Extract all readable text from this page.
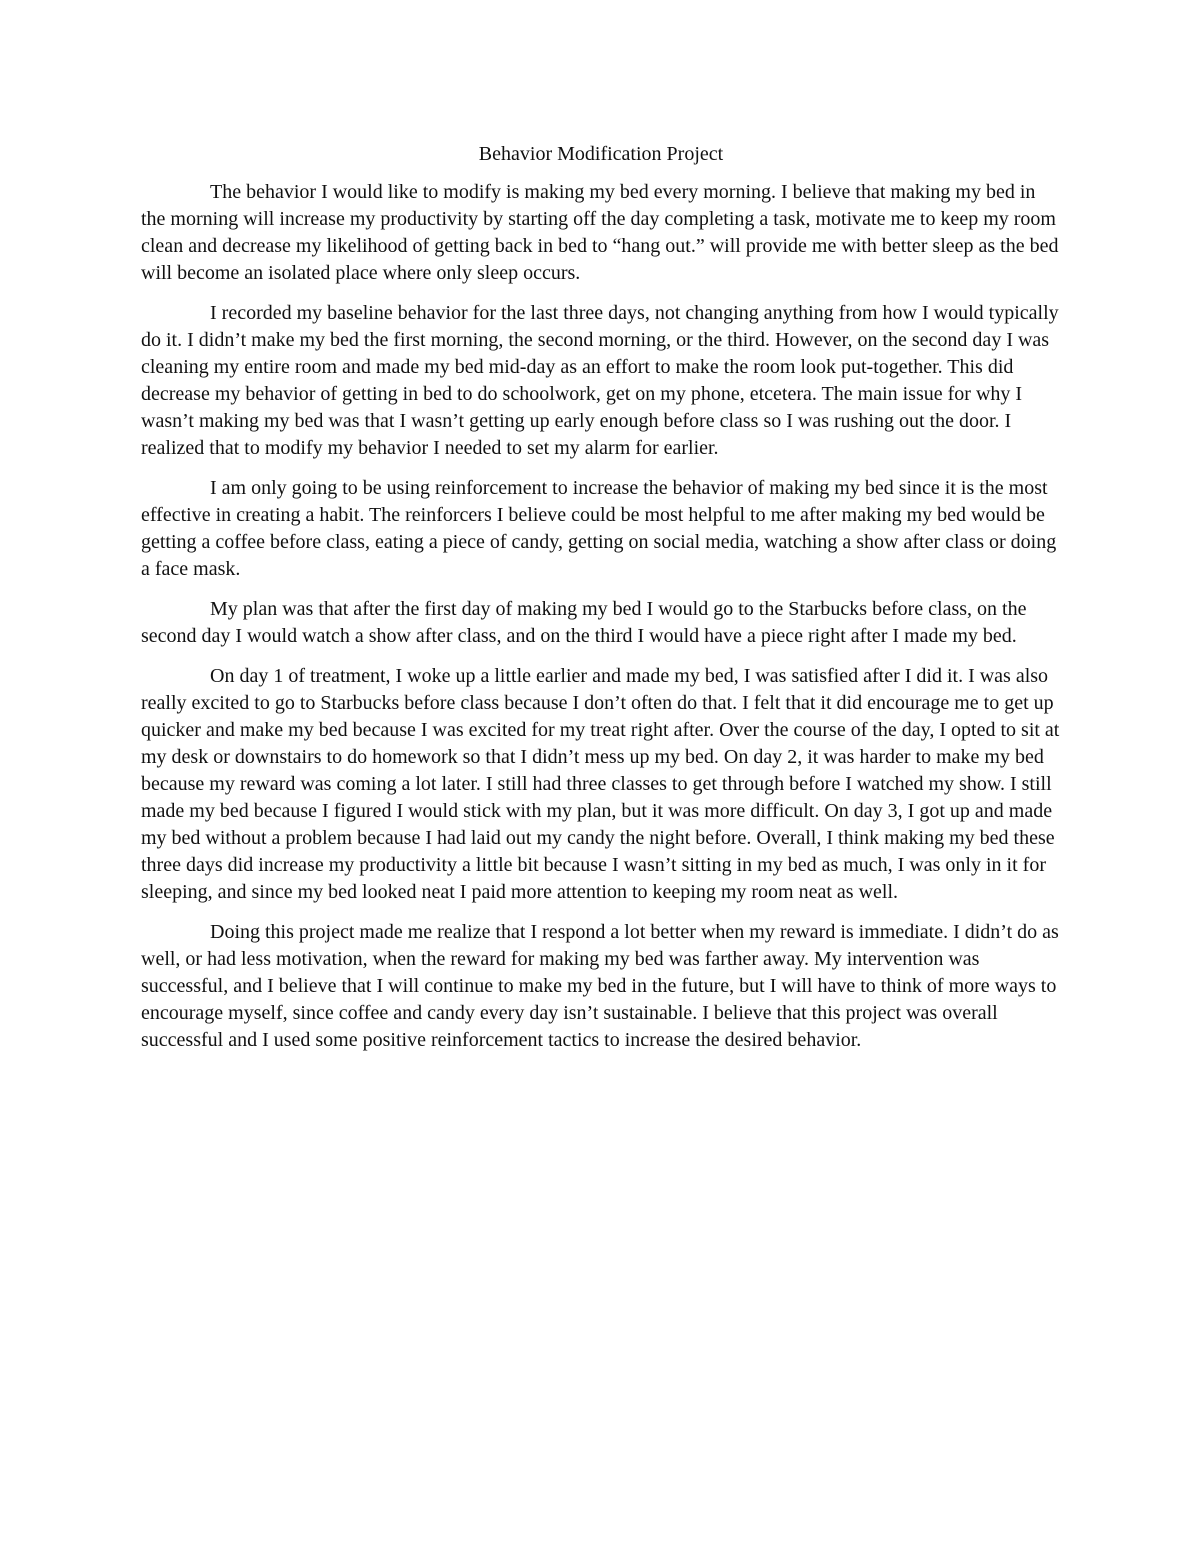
Behavior Modification Project

The behavior I would like to modify is making my bed every morning. I believe that making my bed in the morning will increase my productivity by starting off the day completing a task, motivate me to keep my room clean and decrease my likelihood of getting back in bed to “hang out.” will provide me with better sleep as the bed will become an isolated place where only sleep occurs.

I recorded my baseline behavior for the last three days, not changing anything from how I would typically do it. I didn’t make my bed the first morning, the second morning, or the third. However, on the second day I was cleaning my entire room and made my bed mid-day as an effort to make the room look put-together. This did decrease my behavior of getting in bed to do schoolwork, get on my phone, etcetera. The main issue for why I wasn’t making my bed was that I wasn’t getting up early enough before class so I was rushing out the door. I realized that to modify my behavior I needed to set my alarm for earlier.

I am only going to be using reinforcement to increase the behavior of making my bed since it is the most effective in creating a habit. The reinforcers I believe could be most helpful to me after making my bed would be getting a coffee before class, eating a piece of candy, getting on social media, watching a show after class or doing a face mask.

My plan was that after the first day of making my bed I would go to the Starbucks before class, on the second day I would watch a show after class, and on the third I would have a piece right after I made my bed.

On day 1 of treatment, I woke up a little earlier and made my bed, I was satisfied after I did it. I was also really excited to go to Starbucks before class because I don’t often do that. I felt that it did encourage me to get up quicker and make my bed because I was excited for my treat right after. Over the course of the day, I opted to sit at my desk or downstairs to do homework so that I didn’t mess up my bed. On day 2, it was harder to make my bed because my reward was coming a lot later. I still had three classes to get through before I watched my show. I still made my bed because I figured I would stick with my plan, but it was more difficult. On day 3, I got up and made my bed without a problem because I had laid out my candy the night before. Overall, I think making my bed these three days did increase my productivity a little bit because I wasn’t sitting in my bed as much, I was only in it for sleeping, and since my bed looked neat I paid more attention to keeping my room neat as well.

Doing this project made me realize that I respond a lot better when my reward is immediate. I didn’t do as well, or had less motivation, when the reward for making my bed was farther away. My intervention was successful, and I believe that I will continue to make my bed in the future, but I will have to think of more ways to encourage myself, since coffee and candy every day isn’t sustainable. I believe that this project was overall successful and I used some positive reinforcement tactics to increase the desired behavior.
